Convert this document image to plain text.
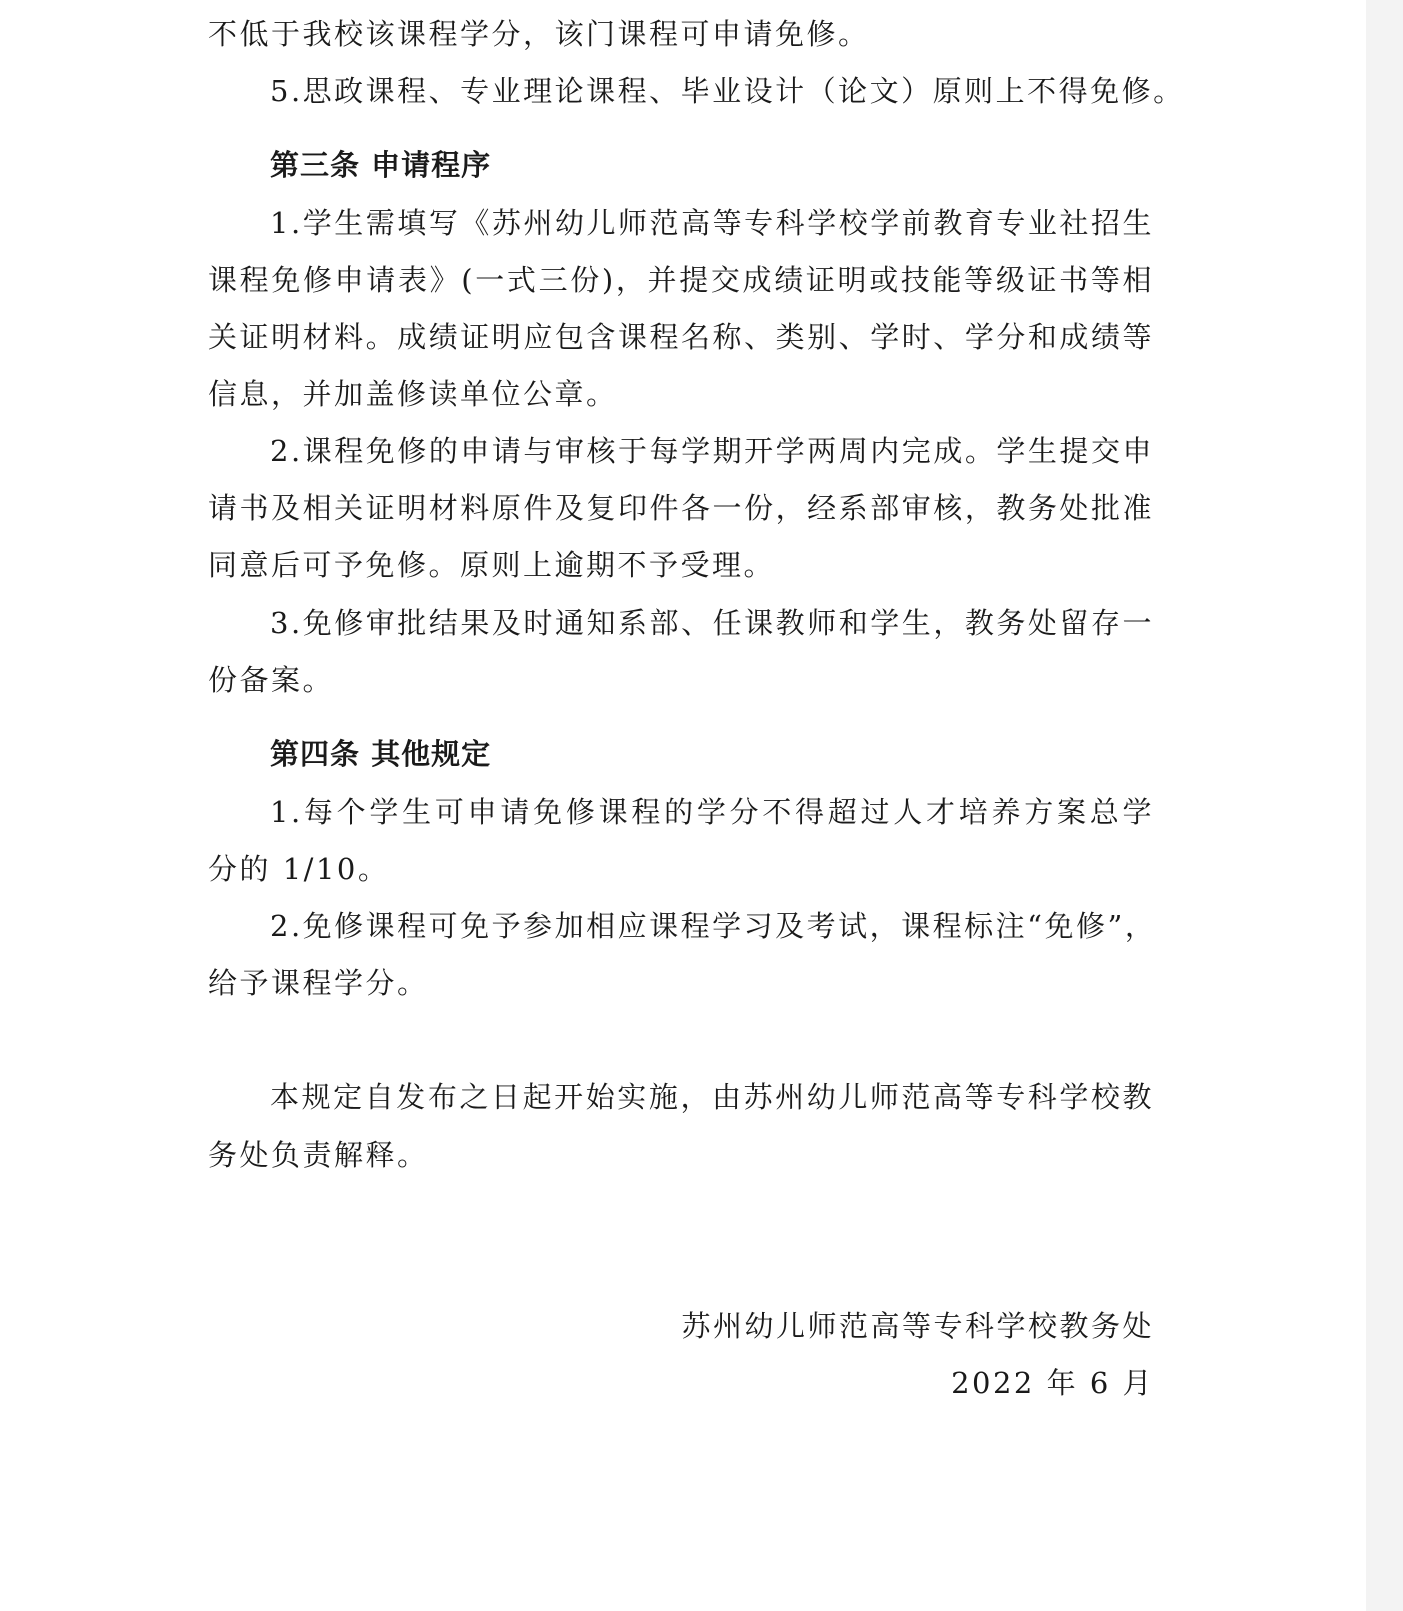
不低于我校该课程学分，该门课程可申请免修。
5.思政课程、专业理论课程、毕业设计（论文）原则上不得免修。
第三条 申请程序
1.学生需填写《苏州幼儿师范高等专科学校学前教育专业社招生
课程免修申请表》(一式三份)，并提交成绩证明或技能等级证书等相
关证明材料。成绩证明应包含课程名称、类别、学时、学分和成绩等
信息，并加盖修读单位公章。
2.课程免修的申请与审核于每学期开学两周内完成。学生提交申
请书及相关证明材料原件及复印件各一份，经系部审核，教务处批准
同意后可予免修。原则上逾期不予受理。
3.免修审批结果及时通知系部、任课教师和学生，教务处留存一
份备案。
第四条 其他规定
1.每个学生可申请免修课程的学分不得超过人才培养方案总学
分的 1/10。
2.免修课程可免予参加相应课程学习及考试，课程标注“免修”，
给予课程学分。
本规定自发布之日起开始实施，由苏州幼儿师范高等专科学校教
务处负责解释。
苏州幼儿师范高等专科学校教务处
2022 年 6 月
